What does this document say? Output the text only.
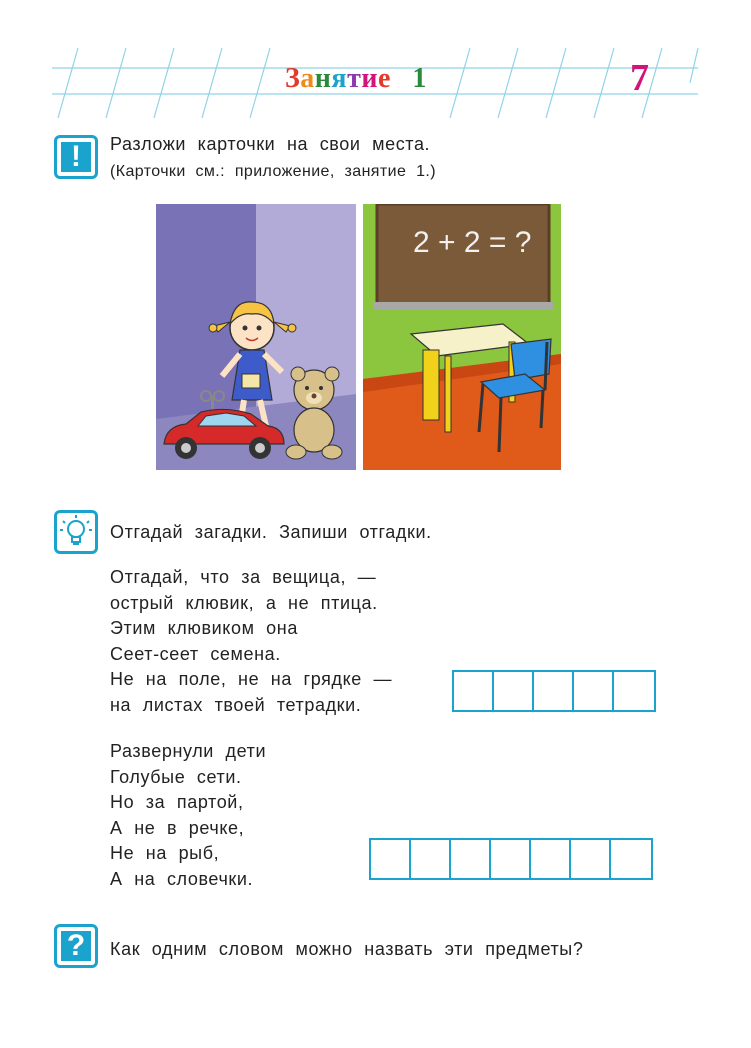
Занятие 1	7
!	Разложи карточки на свои места.
(Карточки см.: приложение, занятие 1.)
2 + 2 = ?
Отгадай загадки. Запиши отгадки.
Отгадай, что за вещица, —
острый клювик, а не птица.
Этим клювиком она
Сеет-сеет семена.
Не на поле, не на грядке —
на листах твоей тетрадки.
Развернули дети
Голубые сети.
Но за партой,
А не в речке,
Не на рыб,
А на словечки.
?	Как одним словом можно назвать эти предметы?
